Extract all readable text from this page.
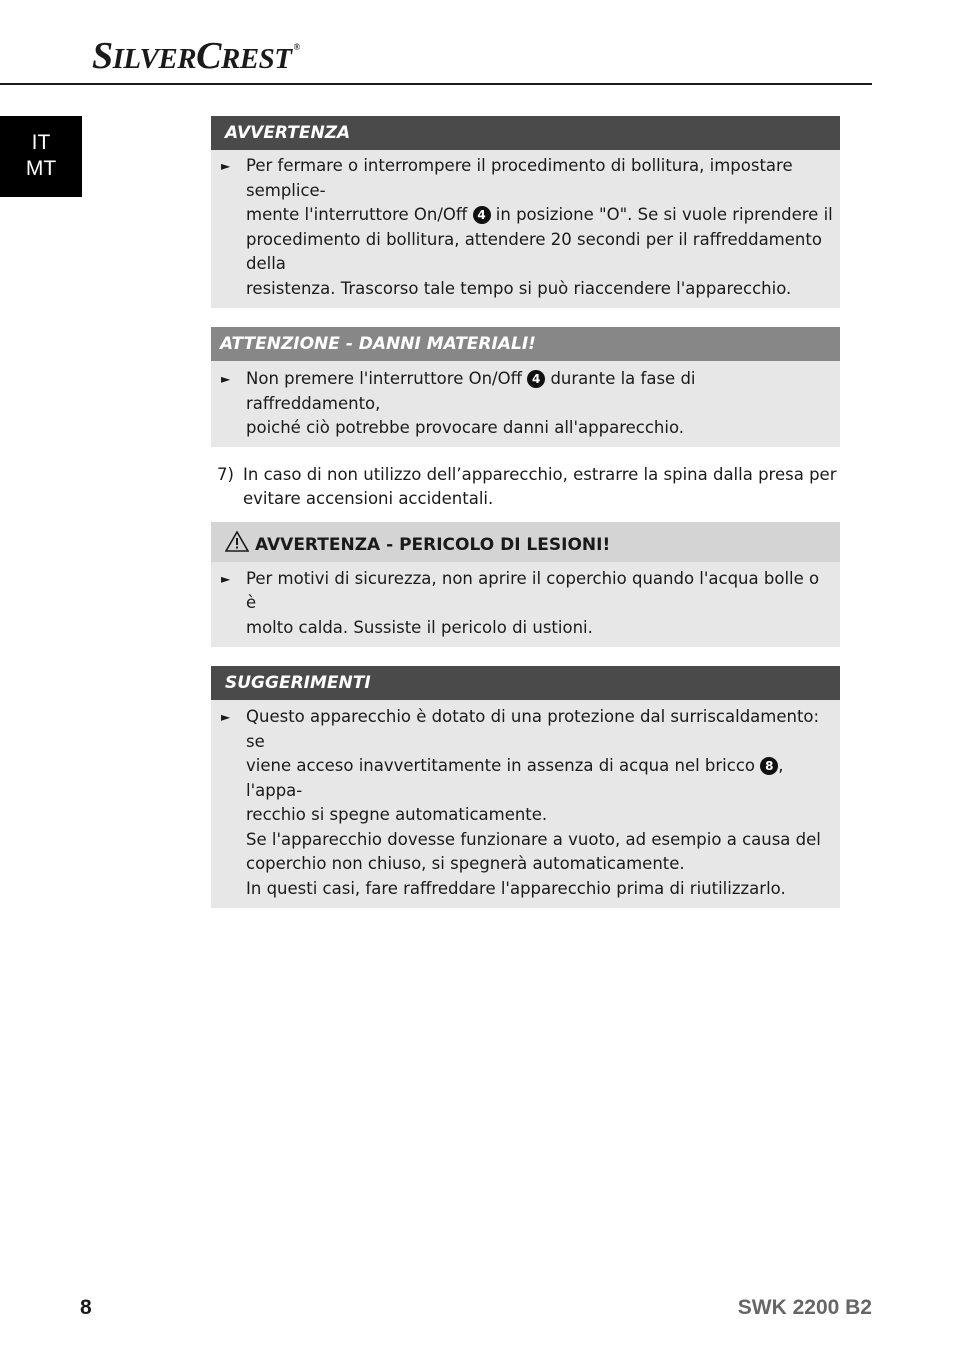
SILVERCREST ®
IT
MT
AVVERTENZA
► Per fermare o interrompere il procedimento di bollitura, impostare semplice-

mente l'interruttore On/Off 4 in posizione "O". Se si vuole riprendere il

procedimento di bollitura, attendere 20 secondi per il raffreddamento della

resistenza. Trascorso tale tempo si può riaccendere l'apparecchio.

ATTENZIONE - DANNI MATERIALI!
► Non premere l'interruttore On/Off 4 durante la fase di raffreddamento,

poiché ciò potrebbe provocare danni all'apparecchio.

7) In caso di non utilizzo dell’apparecchio, estrarre la spina dalla presa per
evitare accensioni accidentali.
AVVERTENZA - PERICOLO DI LESIONI!
► Per motivi di sicurezza, non aprire il coperchio quando l'acqua bolle o è

molto calda. Sussiste il pericolo di ustioni.

SUGGERIMENTI
► Questo apparecchio è dotato di una protezione dal surriscaldamento: se

viene acceso inavvertitamente in assenza di acqua nel bricco 8 , l'appa-

recchio si spegne automaticamente.

Se l'apparecchio dovesse funzionare a vuoto, ad esempio a causa del

coperchio non chiuso, si spegnerà automaticamente.

In questi casi, fare raffreddare l'apparecchio prima di riutilizzarlo.

8	SWK 2200 B2
